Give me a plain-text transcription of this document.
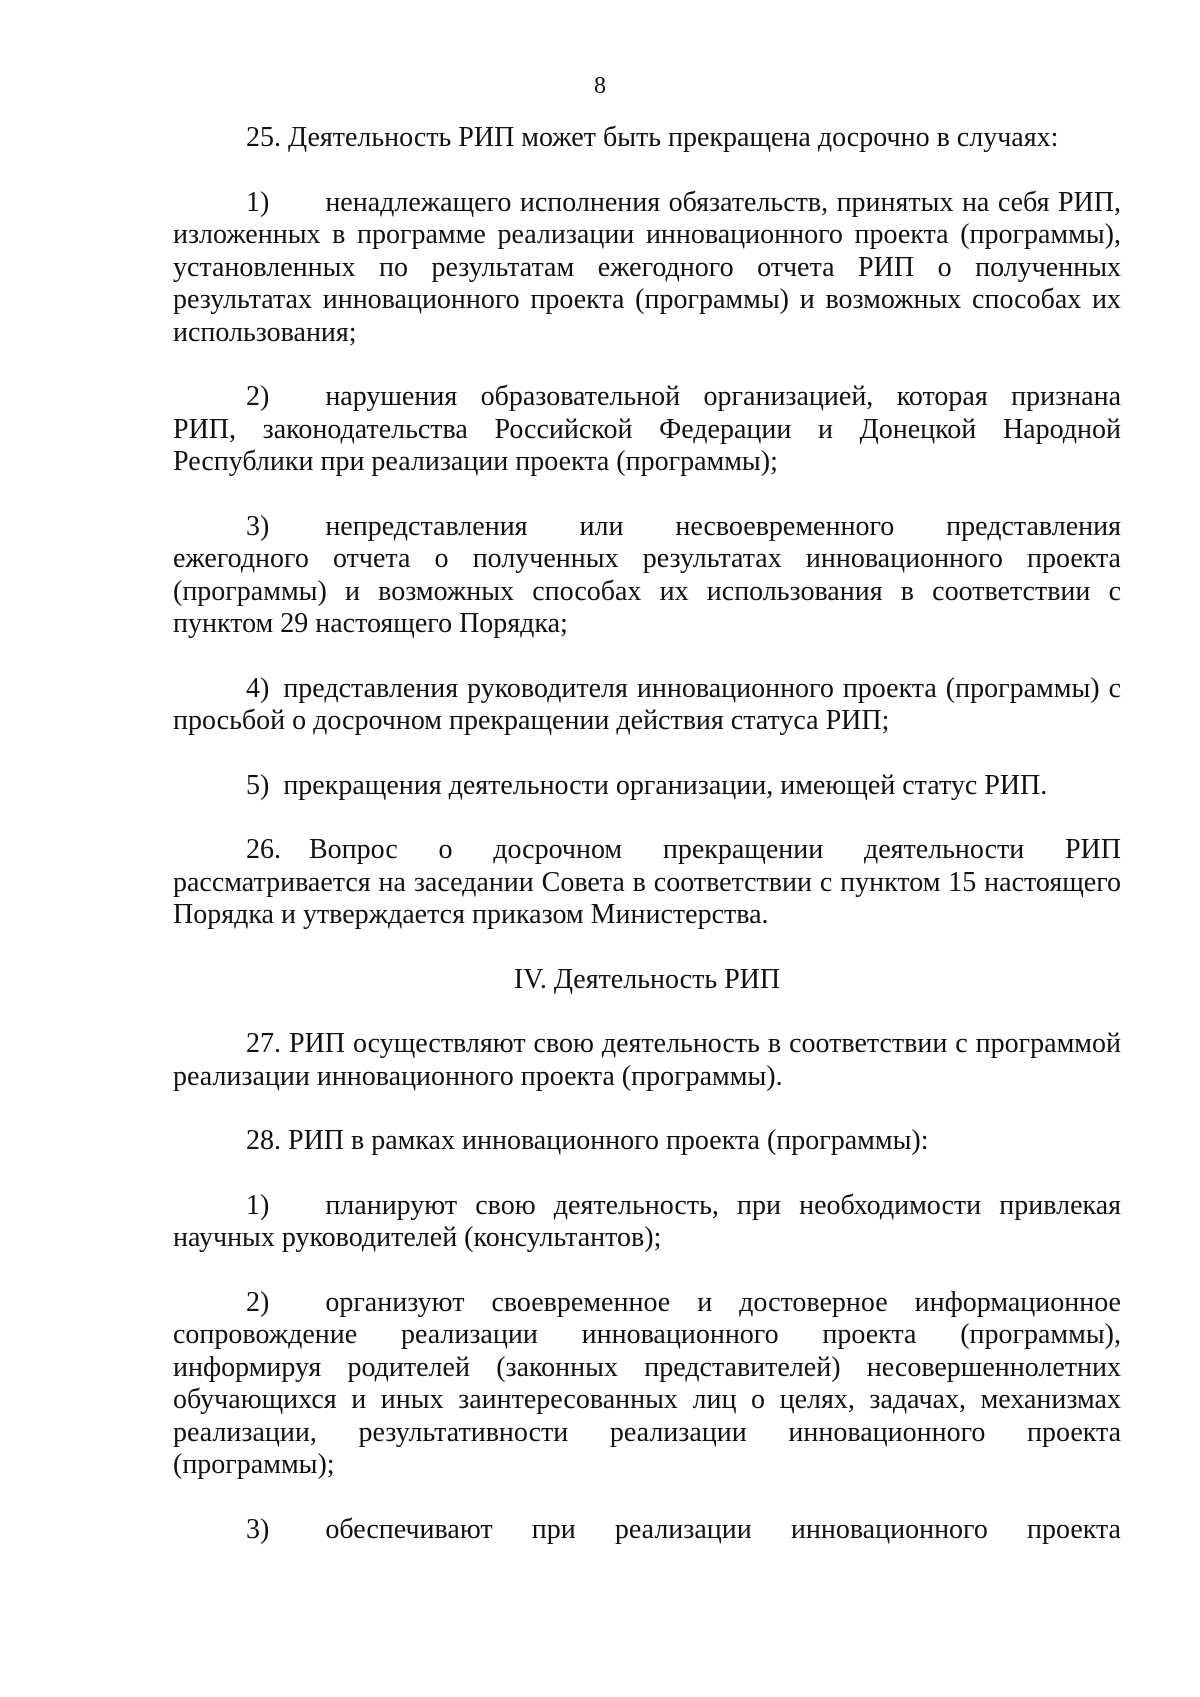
8

25. Деятельность РИП может быть прекращена досрочно в случаях:

1)  ненадлежащего исполнения обязательств, принятых на себя РИП, изложенных в программе реализации инновационного проекта (программы), установленных по результатам ежегодного отчета РИП о полученных результатах инновационного проекта (программы) и возможных способах их использования;

2)  нарушения образовательной организацией, которая признана РИП, законодательства Российской Федерации и Донецкой Народной Республики при реализации проекта (программы);

3)  непредставления или несвоевременного представления ежегодного отчета о полученных результатах инновационного проекта (программы) и возможных способах их использования в соответствии с пунктом 29 настоящего Порядка;

4) представления руководителя инновационного проекта (программы) с просьбой о досрочном прекращении действия статуса РИП;

5) прекращения деятельности организации, имеющей статус РИП.

26. Вопрос о досрочном прекращении деятельности РИП рассматривается на заседании Совета в соответствии с пунктом 15 настоящего Порядка и утверждается приказом Министерства.

IV. Деятельность РИП

27. РИП осуществляют свою деятельность в соответствии с программой реализации инновационного проекта (программы).

28. РИП в рамках инновационного проекта (программы):

1)  планируют свою деятельность, при необходимости привлекая научных руководителей (консультантов);

2)  организуют своевременное и достоверное информационное сопровождение реализации инновационного проекта (программы), информируя родителей (законных представителей) несовершеннолетних обучающихся и иных заинтересованных лиц о целях, задачах, механизмах реализации, результативности реализации инновационного проекта (программы);

3)  обеспечивают при реализации инновационного проекта
